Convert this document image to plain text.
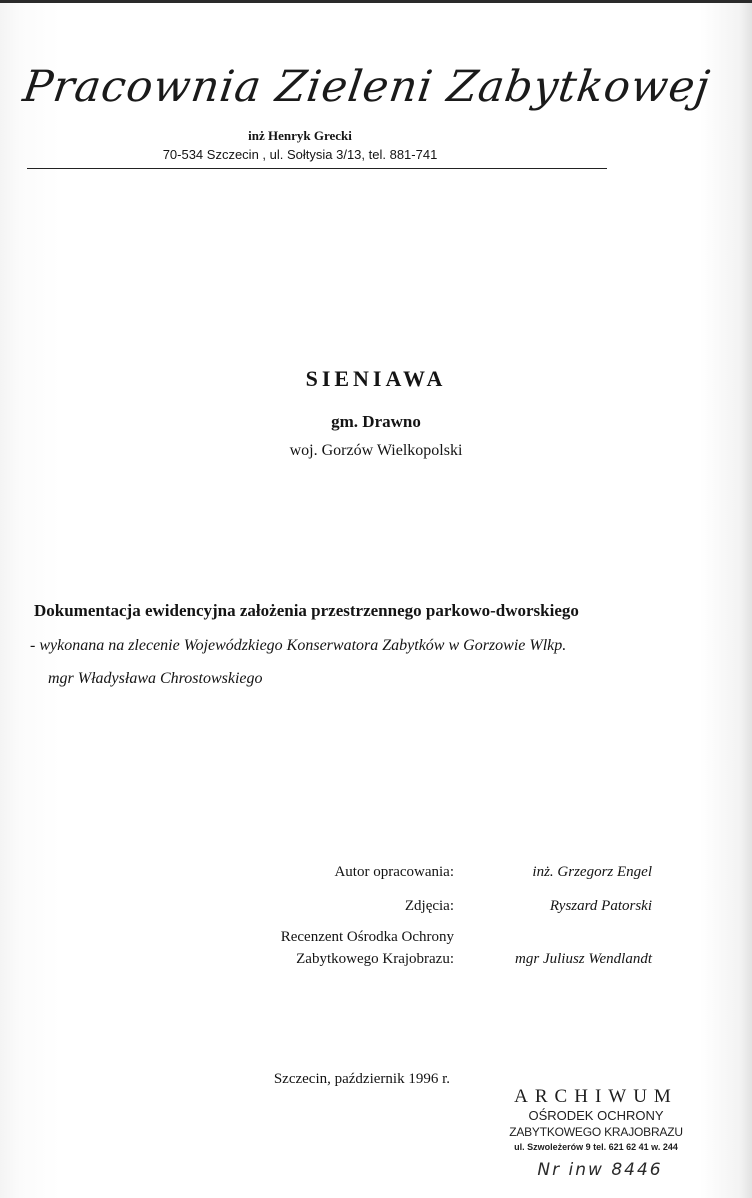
Pracownia Zieleni Zabytkowej
inż Henryk Grecki
70-534 Szczecin , ul. Sołtysia 3/13, tel. 881-741
SIENIAWA
gm. Drawno
woj. Gorzów Wielkopolski
Dokumentacja ewidencyjna założenia przestrzennego parkowo-dworskiego
- wykonana na zlecenie Wojewódzkiego Konserwatora Zabytków w Gorzowie Wlkp.
mgr Władysława Chrostowskiego
Autor opracowania:	inż. Grzegorz Engel
Zdjęcia:	Ryszard Patorski
Recenzent Ośrodka Ochrony
Zabytkowego Krajobrazu:	mgr Juliusz Wendlandt
Szczecin, październik 1996 r.
ARCHIWUM
OŚRODEK OCHRONY
ZABYTKOWEGO KRAJOBRAZU
ul. Szwoleżerów 9 tel. 621 62 41 w. 244
Nr inw 8446
